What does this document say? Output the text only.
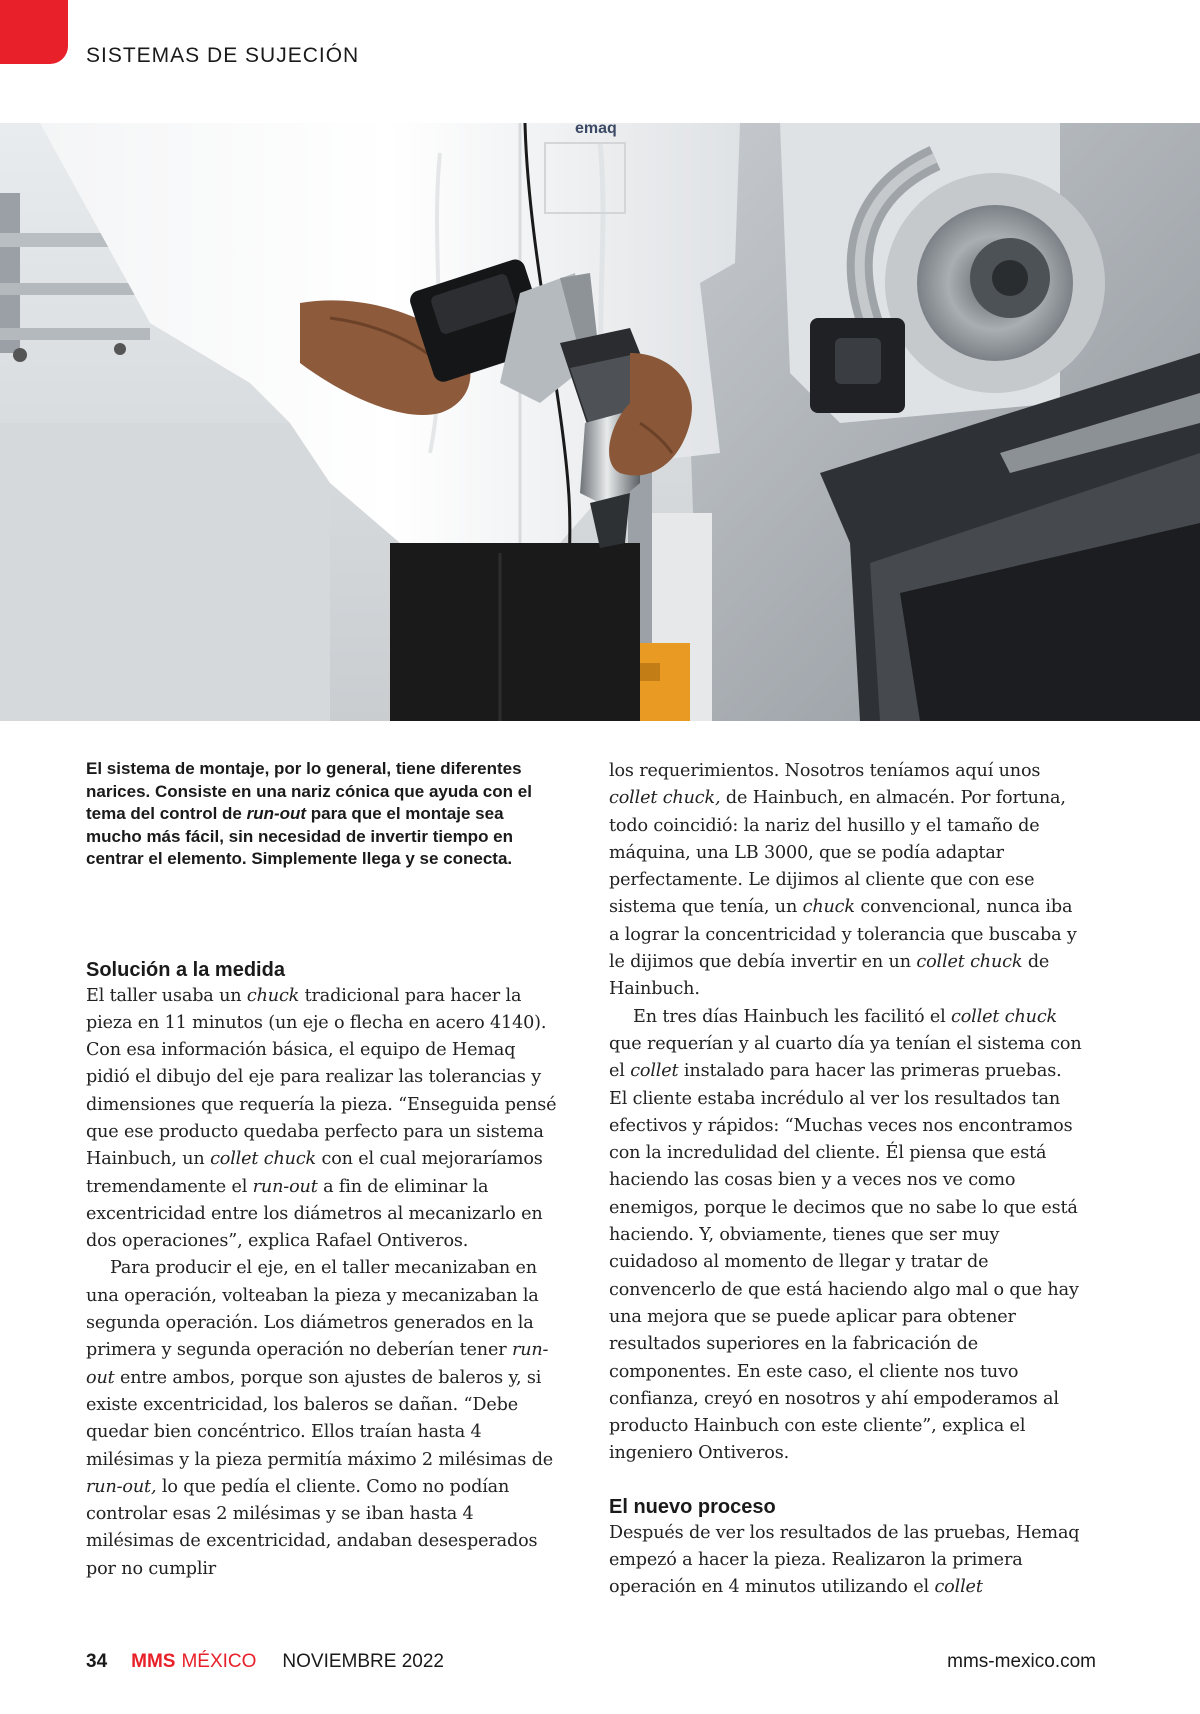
SISTEMAS DE SUJECIÓN
emaq

El sistema de montaje, por lo general, tiene diferentes narices. Consiste en una nariz cónica que ayuda con el tema del control de run-out para que el montaje sea mucho más fácil, sin necesidad de invertir tiempo en centrar el elemento. Simplemente llega y se conecta.

Solución a la medida

El taller usaba un chuck tradicional para hacer la pieza en 11 minutos (un eje o flecha en acero 4140). Con esa información básica, el equipo de Hemaq pidió el dibujo del eje para realizar las tolerancias y dimensiones que requería la pieza. “Enseguida pensé que ese producto quedaba perfecto para un sistema Hainbuch, un collet chuck con el cual mejoraríamos tremendamente el run-out a fin de eliminar la excentricidad entre los diámetros al mecanizarlo en dos operaciones”, explica Rafael Ontiveros.

Para producir el eje, en el taller mecanizaban en una operación, volteaban la pieza y mecanizaban la segunda operación. Los diámetros generados en la primera y segunda operación no deberían tener run-out entre ambos, porque son ajustes de baleros y, si existe excentricidad, los baleros se dañan. “Debe quedar bien concéntrico. Ellos traían hasta 4 milésimas y la pieza permitía máximo 2 milésimas de run-out, lo que pedía el cliente. Como no podían controlar esas 2 milésimas y se iban hasta 4 milésimas de excentricidad, andaban desesperados por no cumplir

los requerimientos. Nosotros teníamos aquí unos collet chuck, de Hainbuch, en almacén. Por fortuna, todo coincidió: la nariz del husillo y el tamaño de máquina, una LB 3000, que se podía adaptar perfectamente. Le dijimos al cliente que con ese sistema que tenía, un chuck convencional, nunca iba a lograr la concentricidad y tolerancia que buscaba y le dijimos que debía invertir en un collet chuck de Hainbuch.

En tres días Hainbuch les facilitó el collet chuck que requerían y al cuarto día ya tenían el sistema con el collet instalado para hacer las primeras pruebas. El cliente estaba incrédulo al ver los resultados tan efectivos y rápidos: “Muchas veces nos encontramos con la incredulidad del cliente. Él piensa que está haciendo las cosas bien y a veces nos ve como enemigos, porque le decimos que no sabe lo que está haciendo. Y, obviamente, tienes que ser muy cuidadoso al momento de llegar y tratar de convencerlo de que está haciendo algo mal o que hay una mejora que se puede aplicar para obtener resultados superiores en la fabricación de componentes. En este caso, el cliente nos tuvo confianza, creyó en nosotros y ahí empoderamos al producto Hainbuch con este cliente”, explica el ingeniero Ontiveros.

El nuevo proceso

Después de ver los resultados de las pruebas, Hemaq empezó a hacer la pieza. Realizaron la primera operación en 4 minutos utilizando el collet

34 MMS MÉXICO NOVIEMBRE 2022	mms-mexico.com
